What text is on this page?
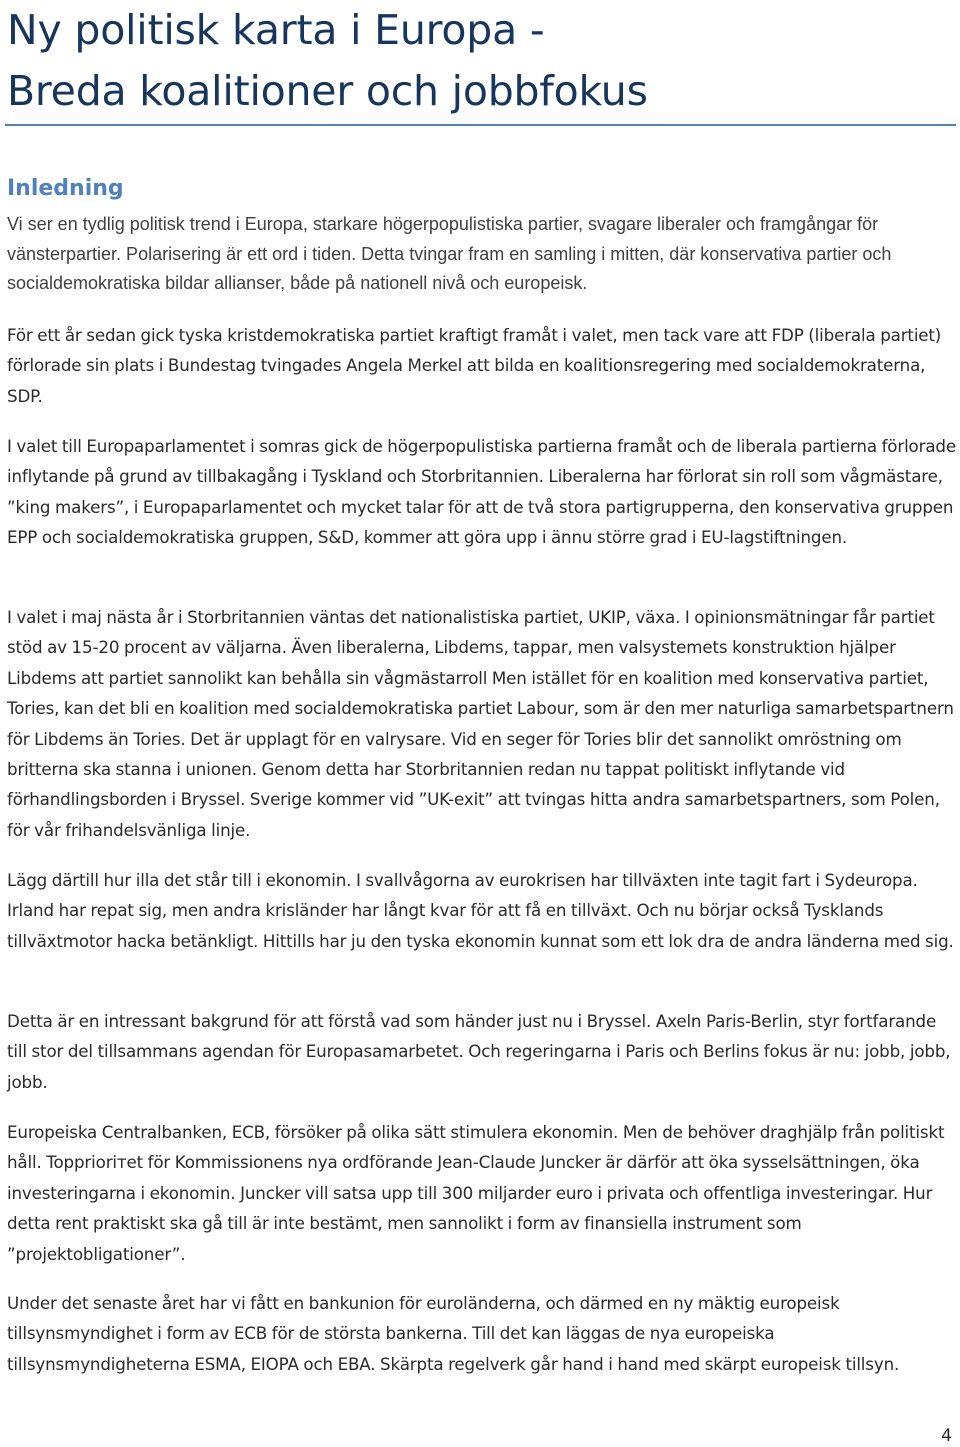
Ny politisk karta i Europa -
Breda koalitioner och jobbfokus
Inledning

Vi ser en tydlig politisk trend i Europa, starkare högerpopulistiska partier, svagare liberaler och framgångar för vänsterpartier. Polarisering är ett ord i tiden. Detta tvingar fram en samling i mitten, där konservativa partier och socialdemokratiska bildar allianser, både på nationell nivå och europeisk.

För ett år sedan gick tyska kristdemokratiska partiet kraftigt framåt i valet, men tack vare att FDP (liberala partiet) förlorade sin plats i Bundestag tvingades Angela Merkel att bilda en koalitionsregering med socialdemokraterna, SDP.

I valet till Europaparlamentet i somras gick de högerpopulistiska partierna framåt och de liberala partierna förlorade inflytande på grund av tillbakagång i Tyskland och Storbritannien. Liberalerna har förlorat sin roll som vågmästare, ”king makers”, i Europaparlamentet och mycket talar för att de två stora partigrupperna, den konservativa gruppen EPP och socialdemokratiska gruppen, S&D, kommer att göra upp i ännu större grad i EU-lagstiftningen.

I valet i maj nästa år i Storbritannien väntas det nationalistiska partiet, UKIP, växa. I opinionsmätningar får partiet stöd av 15-20 procent av väljarna. Även liberalerna, Libdems, tappar, men valsystemets konstruktion hjälper Libdems att partiet sannolikt kan behålla sin vågmästarroll Men istället för en koalition med konservativa partiet, Tories, kan det bli en koalition med socialdemokratiska partiet Labour, som är den mer naturliga samarbetspartnern för Libdems än Tories. Det är upplagt för en valrysare. Vid en seger för Tories blir det sannolikt omröstning om britterna ska stanna i unionen. Genom detta har Storbritannien redan nu tappat politiskt inflytande vid förhandlingsborden i Bryssel. Sverige kommer vid ”UK-exit” att tvingas hitta andra samarbetspartners, som Polen, för vår frihandelsvänliga linje.

Lägg därtill hur illa det står till i ekonomin. I svallvågorna av eurokrisen har tillväxten inte tagit fart i Sydeuropa. Irland har repat sig, men andra krisländer har långt kvar för att få en tillväxt. Och nu börjar också Tysklands tillväxtmotor hacka betänkligt. Hittills har ju den tyska ekonomin kunnat som ett lok dra de andra länderna med sig.

Detta är en intressant bakgrund för att förstå vad som händer just nu i Bryssel. Axeln Paris-Berlin, styr fortfarande till stor del tillsammans agendan för Europasamarbetet. Och regeringarna i Paris och Berlins fokus är nu: jobb, jobb, jobb.

Europeiska Centralbanken, ECB, försöker på olika sätt stimulera ekonomin. Men de behöver draghjälp från politiskt håll. Toppriorітet för Kommissionens nya ordförande Jean-Claude Juncker är därför att öka sysselsättningen, öka investeringarna i ekonomin. Juncker vill satsa upp till 300 miljarder euro i privata och offentliga investeringar. Hur detta rent praktiskt ska gå till är inte bestämt, men sannolikt i form av finansiella instrument som ”projektobligationer”.

Under det senaste året har vi fått en bankunion för euroländerna, och därmed en ny mäktig europeisk tillsynsmyndighet i form av ECB för de största bankerna. Till det kan läggas de nya europeiska tillsynsmyndigheterna ESMA, EIOPA och EBA. Skärpta regelverk går hand i hand med skärpt europeisk tillsyn.

4
